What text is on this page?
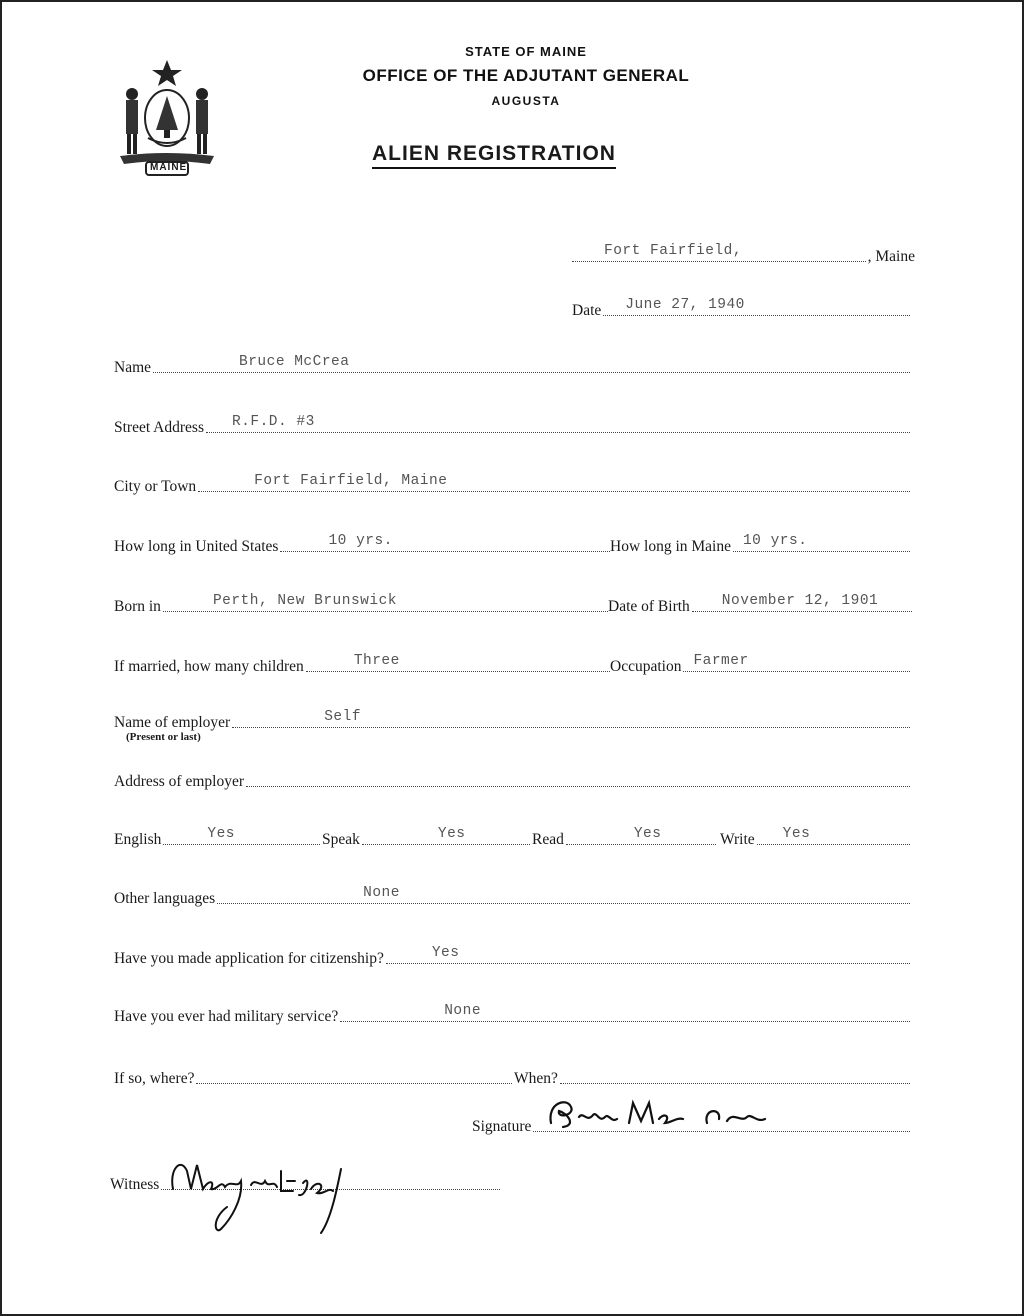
MAINE
STATE OF MAINE
OFFICE OF THE ADJUTANT GENERAL
AUGUSTA
ALIEN REGISTRATION
Fort Fairfield,	, Maine
Date June 27, 1940
Name	Bruce McCrea
Street Address R.F.D. #3
City or Town	Fort Fairfield, Maine
How long in United States	10 yrs.	How long in Maine 10 yrs.
Born in	Perth, New Brunswick	Date of Birth November 12, 1901
If married, how many children	Three	Occupation Farmer
Name of employer	Self
(Present or last)
Address of employer
English	Yes	Speak	Yes	Read	Yes	Write Yes
Other languages	None
Have you made application for citizenship?	Yes
Have you ever had military service?	None
If so, where?	When?
Signature
Witness
